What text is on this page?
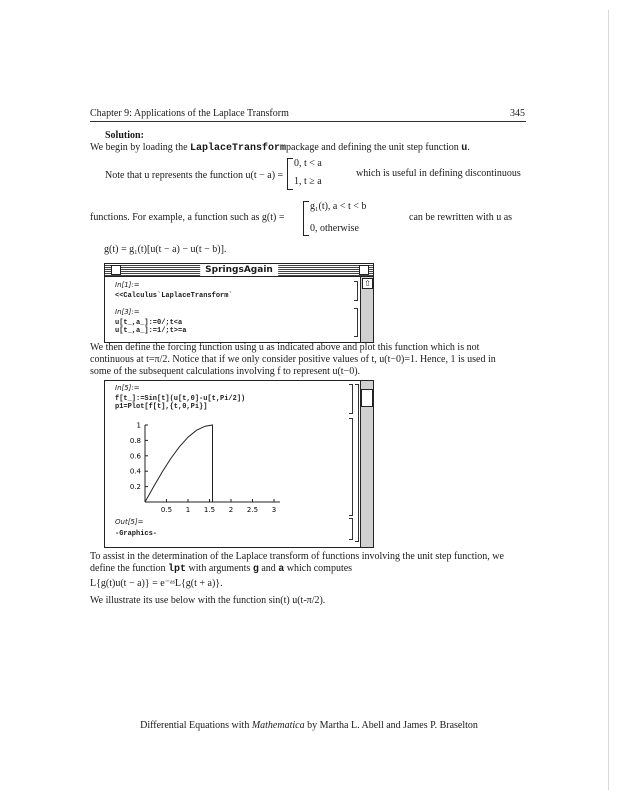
Chapter 9: Applications of the Laplace Transform	345
Solution:
We begin by loading the LaplaceTransformpackage and defining the unit step function u.
Note that u represents the function u(t − a) =
0, t < a
1, t ≥ a
which is useful in defining discontinuous
functions. For example, a function such as g(t) =
g₁(t), a < t < b
0, otherwise
can be rewritten with u as
g(t) = g₁(t)[u(t − a) − u(t − b)].
SpringsAgain
⇧
In[1]:=
<<Calculus`LaplaceTransform`
In[3]:=
u[t_,a_]:=0/;t<a
u[t_,a_]:=1/;t>=a
We then define the forcing function using u as indicated above and plot this function which is not
continuous at t=π/2. Notice that if we only consider positive values of t, u(t−0)=1. Hence, 1 is used in
some of the subsequent calculations involving f to represent u(t−0).
In[5]:=
f[t_]:=Sin[t](u[t,0]-u[t,Pi/2])
p1=Plot[f[t],{t,0,Pi}]
0.5 1 1.5 2 2.5 3
0.2
0.4
0.6
0.8
1
Out[5]=
-Graphics-
To assist in the determination of the Laplace transform of functions involving the unit step function, we
define the function lpt with arguments g and a which computes
L{g(t)u(t − a)} = e⁻ᵃˢL{g(t + a)}.
We illustrate its use below with the function sin(t) u(t-π/2).
Differential Equations with Mathematica by Martha L. Abell and James P. Braselton
